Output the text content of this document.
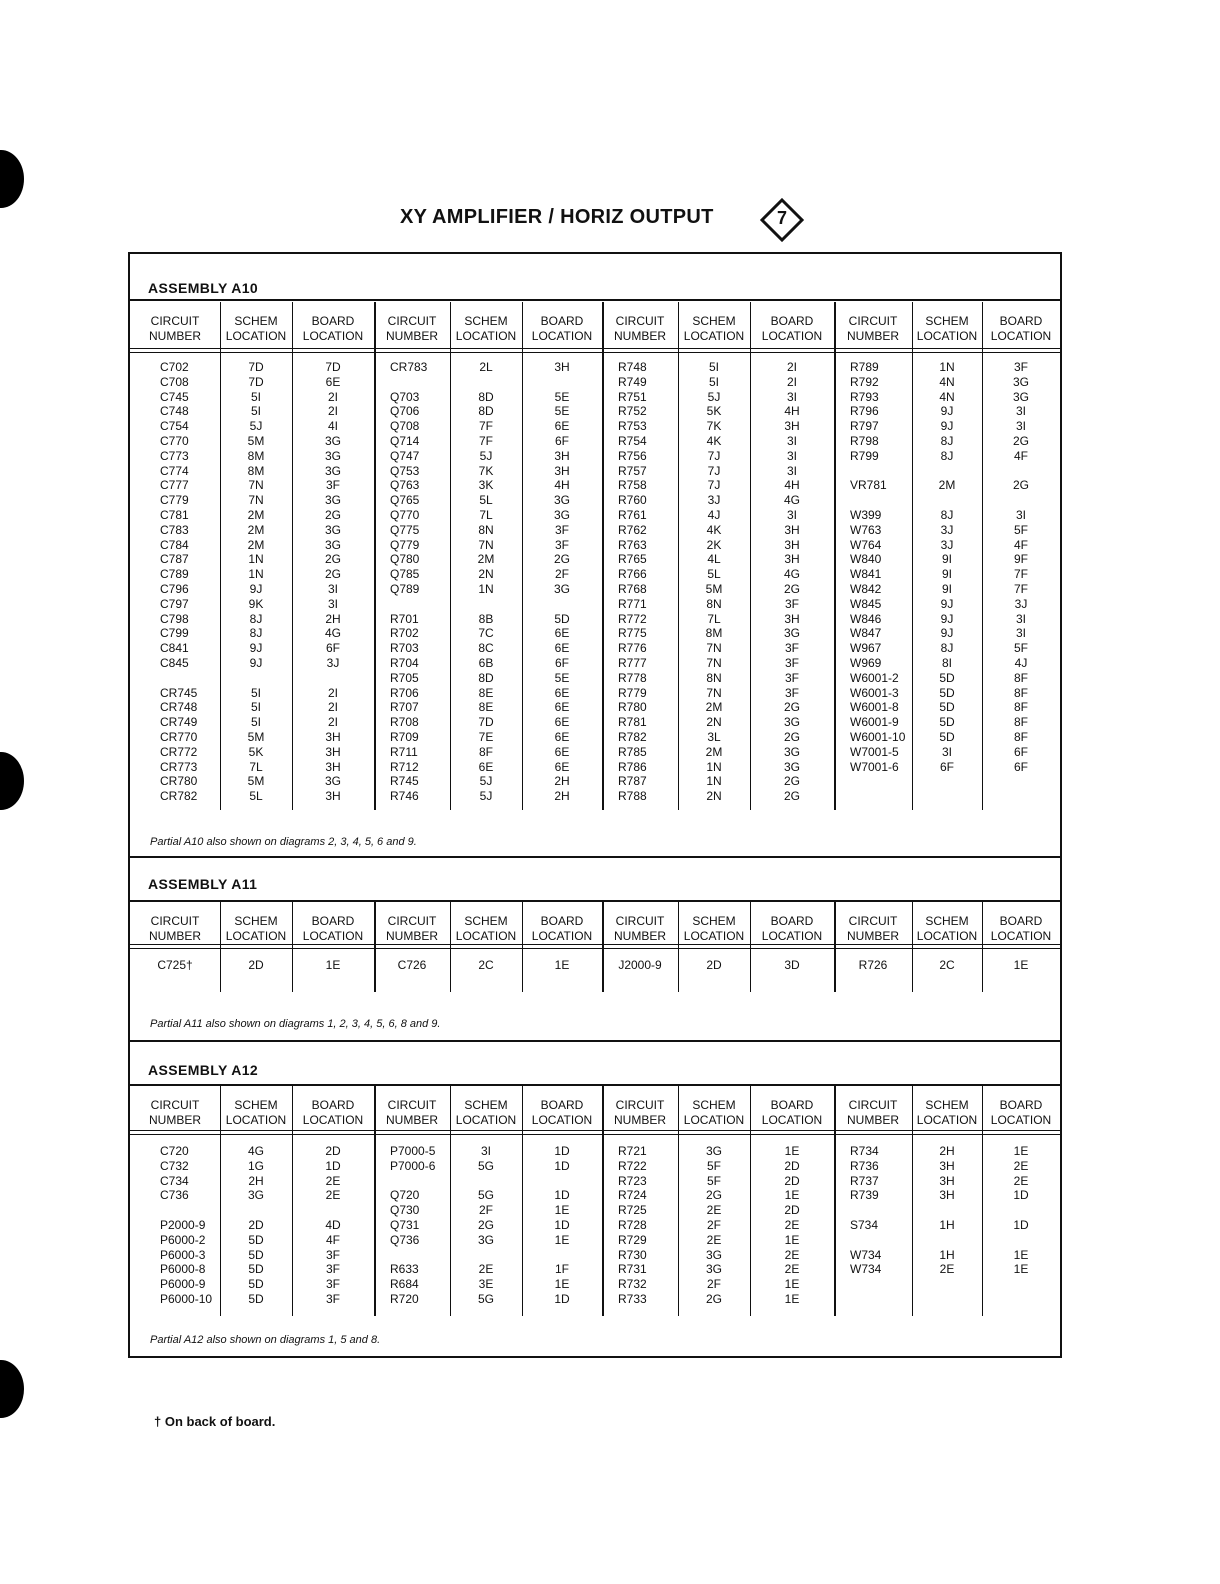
XY AMPLIFIER / HORIZ OUTPUT	7
ASSEMBLY A10
CIRCUIT
NUMBER
C702
C708
C745
C748
C754
C770
C773
C774
C777
C779
C781
C783
C784
C787
C789
C796
C797
C798
C799
C841
C845
CR745
CR748
CR749
CR770
CR772
CR773
CR780
CR782
SCHEM
LOCATION
7D
7D
5I
5I
5J
5M
8M
8M
7N
7N
2M
2M
2M
1N
1N
9J
9K
8J
8J
9J
9J
5I
5I
5I
5M
5K
7L
5M
5L
BOARD
LOCATION
7D
6E
2I
2I
4I
3G
3G
3G
3F
3G
2G
3G
3G
2G
2G
3I
3I
2H
4G
6F
3J
2I
2I
2I
3H
3H
3H
3G
3H
CIRCUIT
NUMBER
CR783
Q703
Q706
Q708
Q714
Q747
Q753
Q763
Q765
Q770
Q775
Q779
Q780
Q785
Q789
R701
R702
R703
R704
R705
R706
R707
R708
R709
R711
R712
R745
R746
SCHEM
LOCATION
2L
8D
8D
7F
7F
5J
7K
3K
5L
7L
8N
7N
2M
2N
1N
8B
7C
8C
6B
8D
8E
8E
7D
7E
8F
6E
5J
5J
BOARD
LOCATION
3H
5E
5E
6E
6F
3H
3H
4H
3G
3G
3F
3F
2G
2F
3G
5D
6E
6E
6F
5E
6E
6E
6E
6E
6E
6E
2H
2H
CIRCUIT
NUMBER
R748
R749
R751
R752
R753
R754
R756
R757
R758
R760
R761
R762
R763
R765
R766
R768
R771
R772
R775
R776
R777
R778
R779
R780
R781
R782
R785
R786
R787
R788
SCHEM
LOCATION
5I
5I
5J
5K
7K
4K
7J
7J
7J
3J
4J
4K
2K
4L
5L
5M
8N
7L
8M
7N
7N
8N
7N
2M
2N
3L
2M
1N
1N
2N
BOARD
LOCATION
2I
2I
3I
4H
3H
3I
3I
3I
4H
4G
3I
3H
3H
3H
4G
2G
3F
3H
3G
3F
3F
3F
3F
2G
3G
2G
3G
3G
2G
2G
CIRCUIT
NUMBER
R789
R792
R793
R796
R797
R798
R799
VR781
W399
W763
W764
W840
W841
W842
W845
W846
W847
W967
W969
W6001-2
W6001-3
W6001-8
W6001-9
W6001-10
W7001-5
W7001-6
SCHEM
LOCATION
1N
4N
4N
9J
9J
8J
8J
2M
8J
3J
3J
9I
9I
9I
9J
9J
9J
8J
8I
5D
5D
5D
5D
5D
3I
6F
BOARD
LOCATION
3F
3G
3G
3I
3I
2G
4F
2G
3I
5F
4F
9F
7F
7F
3J
3I
3I
5F
4J
8F
8F
8F
8F
8F
6F
6F
Partial A10 also shown on diagrams 2, 3, 4, 5, 6 and 9.
ASSEMBLY A11
CIRCUIT
NUMBER
C725†
SCHEM
LOCATION
2D
BOARD
LOCATION
1E
CIRCUIT
NUMBER
C726
SCHEM
LOCATION
2C
BOARD
LOCATION
1E
CIRCUIT
NUMBER
J2000-9
SCHEM
LOCATION
2D
BOARD
LOCATION
3D
CIRCUIT
NUMBER
R726
SCHEM
LOCATION
2C
BOARD
LOCATION
1E
Partial A11 also shown on diagrams 1, 2, 3, 4, 5, 6, 8 and 9.
ASSEMBLY A12
CIRCUIT
NUMBER
C720
C732
C734
C736
P2000-9
P6000-2
P6000-3
P6000-8
P6000-9
P6000-10
SCHEM
LOCATION
4G
1G
2H
3G
2D
5D
5D
5D
5D
5D
BOARD
LOCATION
2D
1D
2E
2E
4D
4F
3F
3F
3F
3F
CIRCUIT
NUMBER
P7000-5
P7000-6
Q720
Q730
Q731
Q736
R633
R684
R720
SCHEM
LOCATION
3I
5G
5G
2F
2G
3G
2E
3E
5G
BOARD
LOCATION
1D
1D
1D
1E
1D
1E
1F
1E
1D
CIRCUIT
NUMBER
R721
R722
R723
R724
R725
R728
R729
R730
R731
R732
R733
SCHEM
LOCATION
3G
5F
5F
2G
2E
2F
2E
3G
3G
2F
2G
BOARD
LOCATION
1E
2D
2D
1E
2D
2E
1E
2E
2E
1E
1E
CIRCUIT
NUMBER
R734
R736
R737
R739
S734
W734
W734
SCHEM
LOCATION
2H
3H
3H
3H
1H
1H
2E
BOARD
LOCATION
1E
2E
2E
1D
1D
1E
1E
Partial A12 also shown on diagrams 1, 5 and 8.
† On back of board.
